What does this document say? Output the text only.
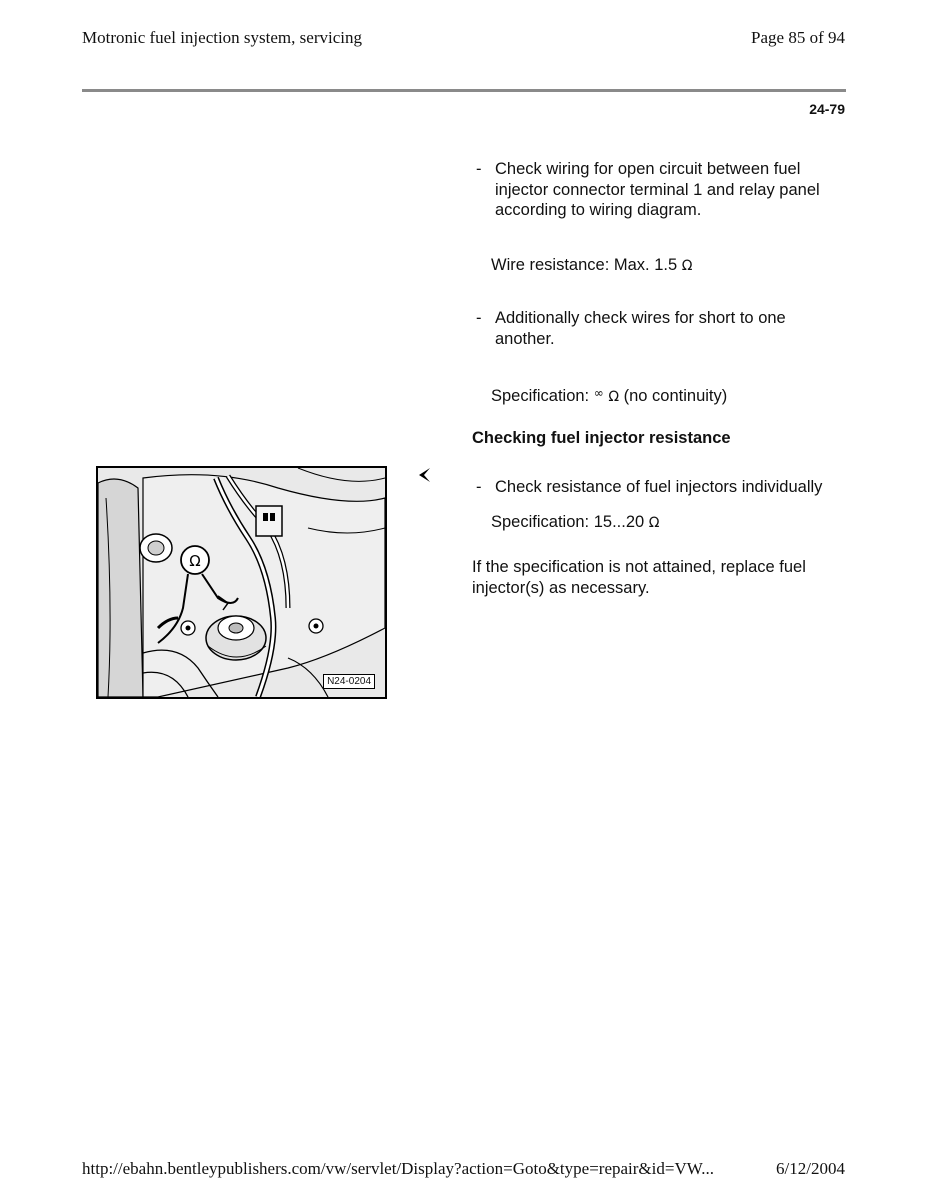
Motronic fuel injection system, servicing	Page 85 of 94
24-79
- Check wiring for open circuit between fuel
injector connector terminal 1 and relay panel
according to wiring diagram.
Wire resistance: Max. 1.5 Ω
- Additionally check wires for short to one
another.
Specification: ∞ Ω (no continuity)
Checking fuel injector resistance
- Check resistance of fuel injectors individually
Specification: 15...20 Ω
If the specification is not attained, replace fuel
injector(s) as necessary.
Ω
N24-0204
http://ebahn.bentleypublishers.com/vw/servlet/Display?action=Goto&type=repair&id=VW...	6/12/2004
